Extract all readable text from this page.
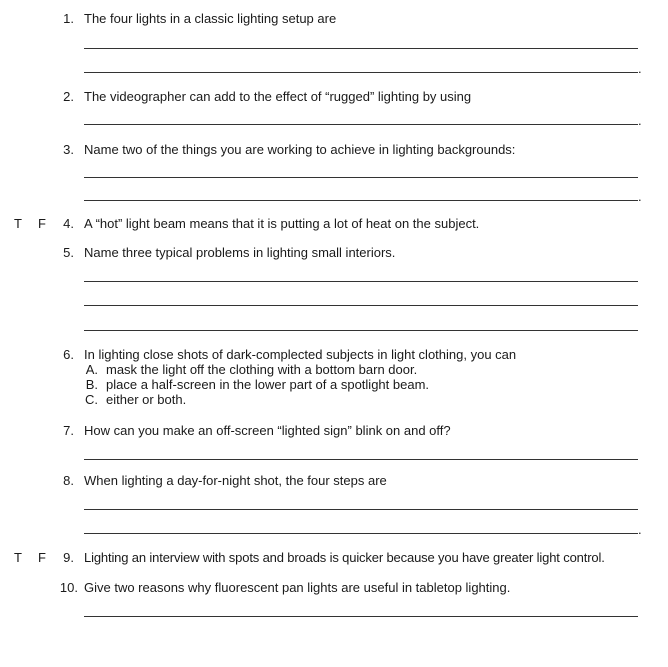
1. The four lights in a classic lighting setup are
.
2. The videographer can add to the effect of “rugged” lighting by using
.
3. Name two of the things you are working to achieve in lighting backgrounds:
.
T F	4. A “hot” light beam means that it is putting a lot of heat on the subject.
5. Name three typical problems in lighting small interiors.
6. In lighting close shots of dark-complected subjects in light clothing, you can
A. mask the light off the clothing with a bottom barn door.
B. place a half-screen in the lower part of a spotlight beam.
C. either or both.
7. How can you make an off-screen “lighted sign” blink on and off?
8. When lighting a day-for-night shot, the four steps are
.
T F	9. Lighting an interview with spots and broads is quicker because you have greater light control.
10. Give two reasons why fluorescent pan lights are useful in tabletop lighting.
